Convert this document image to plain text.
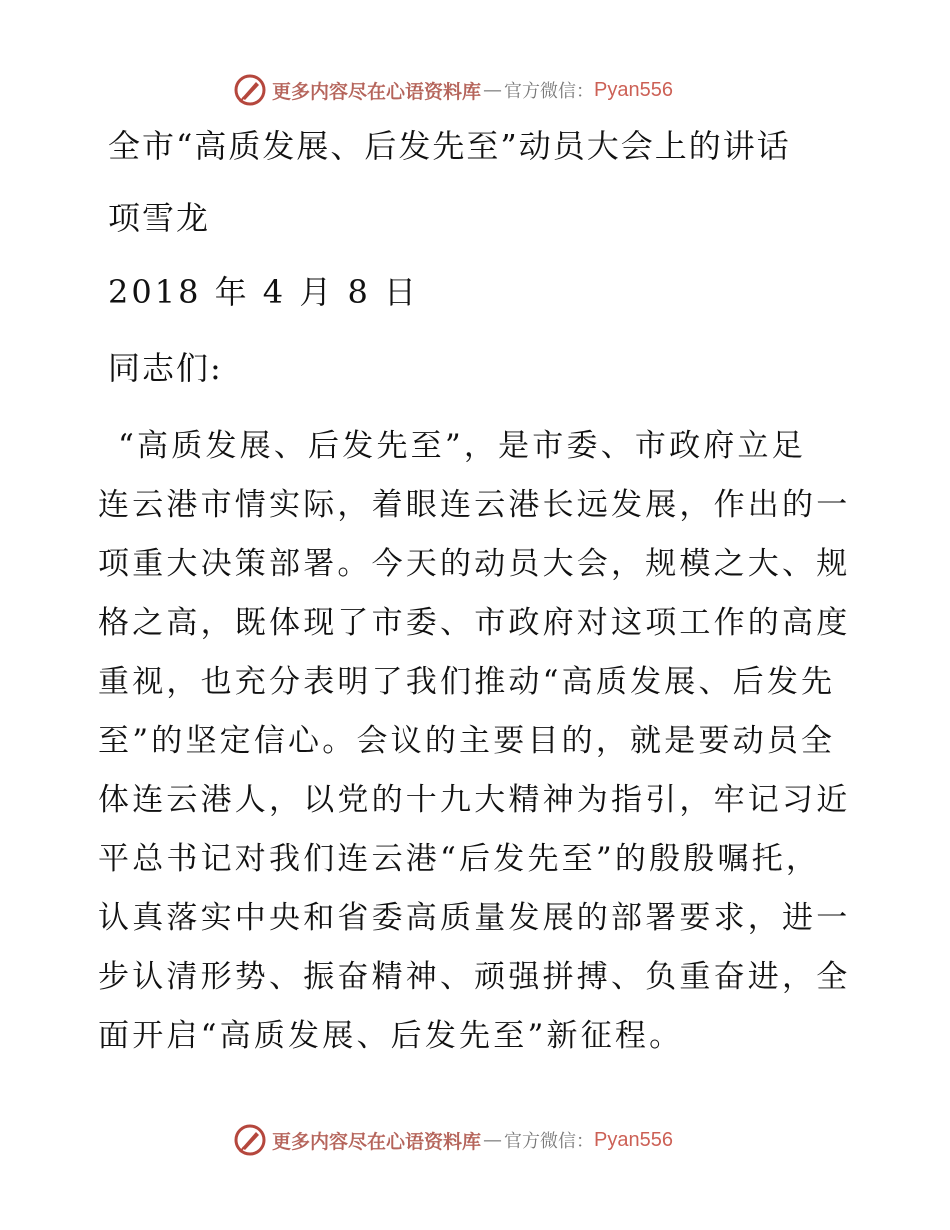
更多内容尽在心语资料库 — 官方微信： Pyan556
全市“高质发展、后发先至”动员大会上的讲话
项雪龙
2018 年 4 月 8 日
同志们:
“高质发展、后发先至”，是市委、市政府立足
连云港市情实际，着眼连云港长远发展，作出的一
项重大决策部署。今天的动员大会，规模之大、规
格之高，既体现了市委、市政府对这项工作的高度
重视，也充分表明了我们推动“高质发展、后发先
至”的坚定信心。会议的主要目的，就是要动员全
体连云港人，以党的十九大精神为指引，牢记习近
平总书记对我们连云港“后发先至”的殷殷嘱托，
认真落实中央和省委高质量发展的部署要求，进一
步认清形势、振奋精神、顽强拼搏、负重奋进，全
面开启“高质发展、后发先至”新征程。
更多内容尽在心语资料库 — 官方微信： Pyan556
